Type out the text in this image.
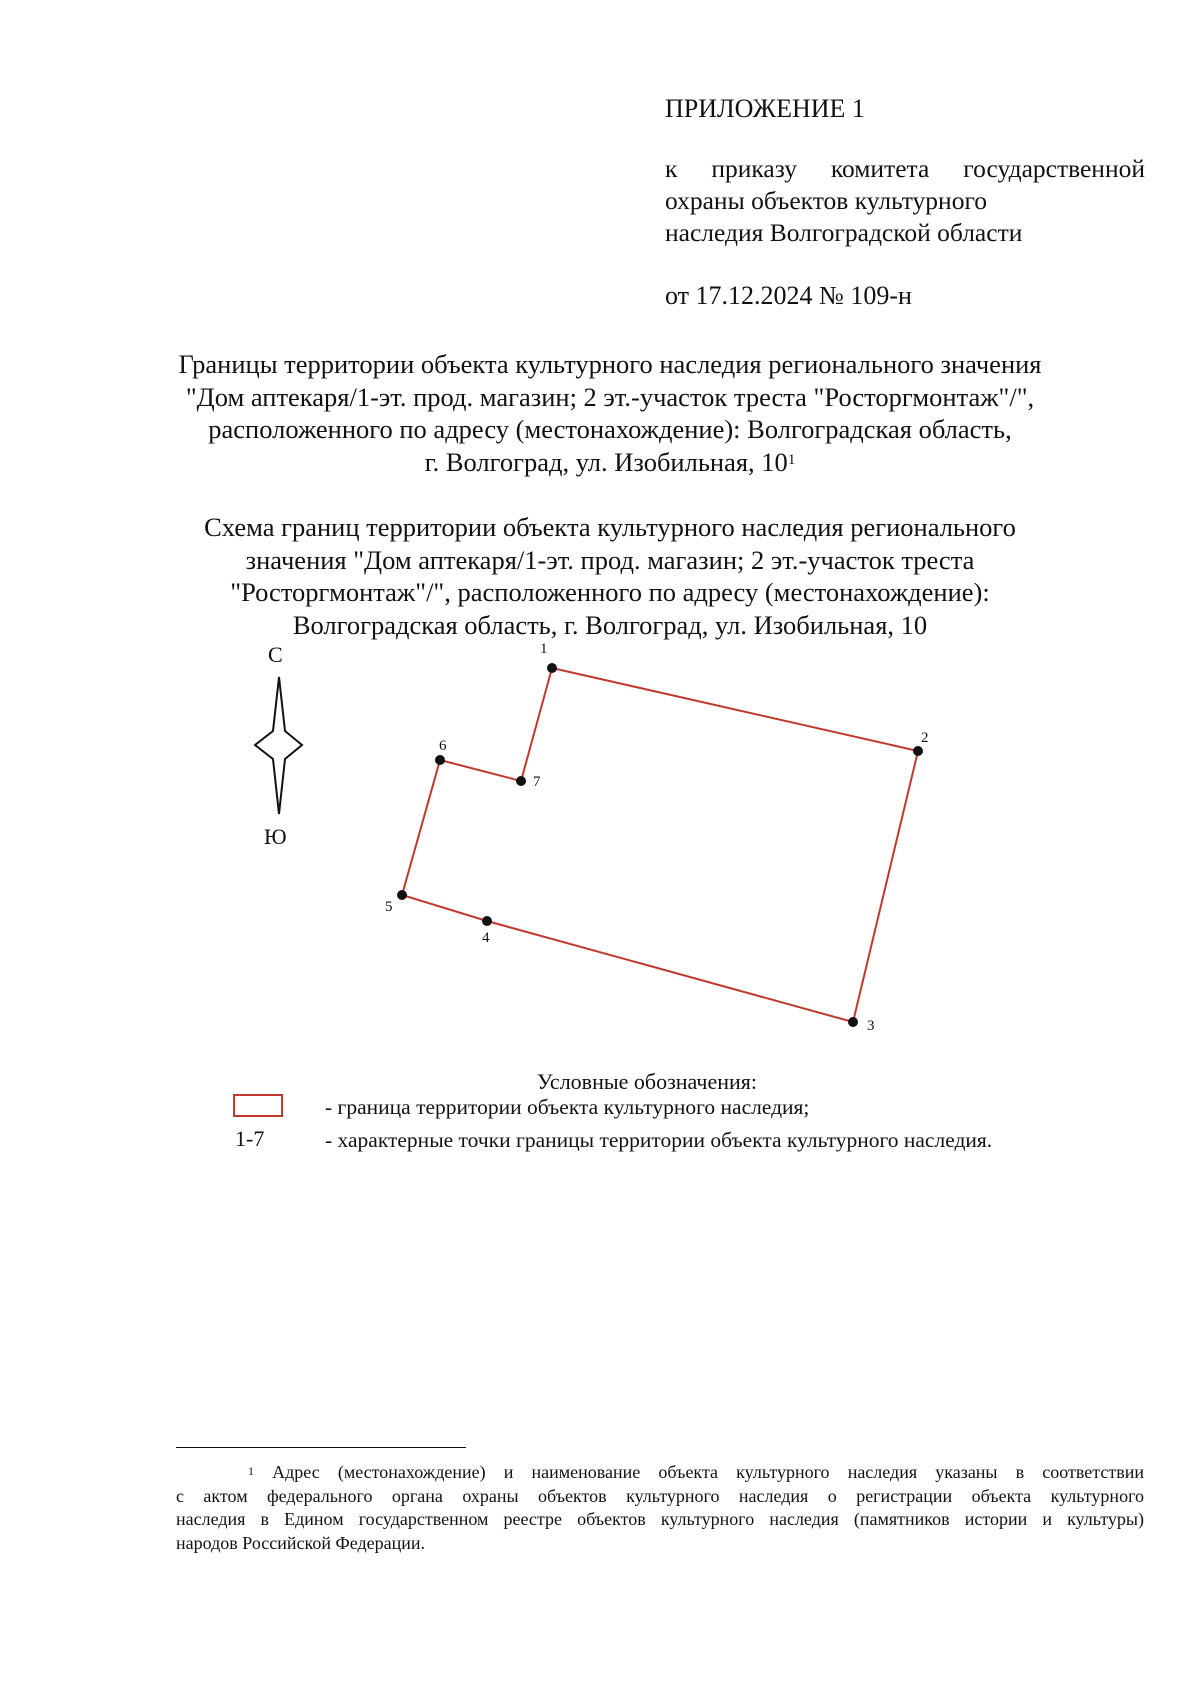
ПРИЛОЖЕНИЕ 1
к приказу комитета государственной
охраны объектов культурного
наследия Волгоградской области
от 17.12.2024 № 109-н
Границы территории объекта культурного наследия регионального значения
"Дом аптекаря/1-эт. прод. магазин; 2 эт.-участок треста "Росторгмонтаж"/",
расположенного по адресу (местонахождение): Волгоградская область,
г. Волгоград, ул. Изобильная, $10^1$
Схема границ территории объекта культурного наследия регионального
значения "Дом аптекаря/1-эт. прод. магазин; 2 эт.-участок треста
"Росторгмонтаж"/", расположенного по адресу (местонахождение):
Волгоградская область, г. Волгоград, ул. Изобильная, 10
С
Ю
1
2
3
4
5
6
7
Условные обозначения:
1-7
- граница территории объекта культурного наследия;
- характерные точки границы территории объекта культурного наследия.
$^1$ Адрес (местонахождение) и наименование объекта культурного наследия указаны в соответствии
с актом федерального органа охраны объектов культурного наследия о регистрации объекта культурного
наследия в Едином государственном реестре объектов культурного наследия (памятников истории и культуры)
народов Российской Федерации.
